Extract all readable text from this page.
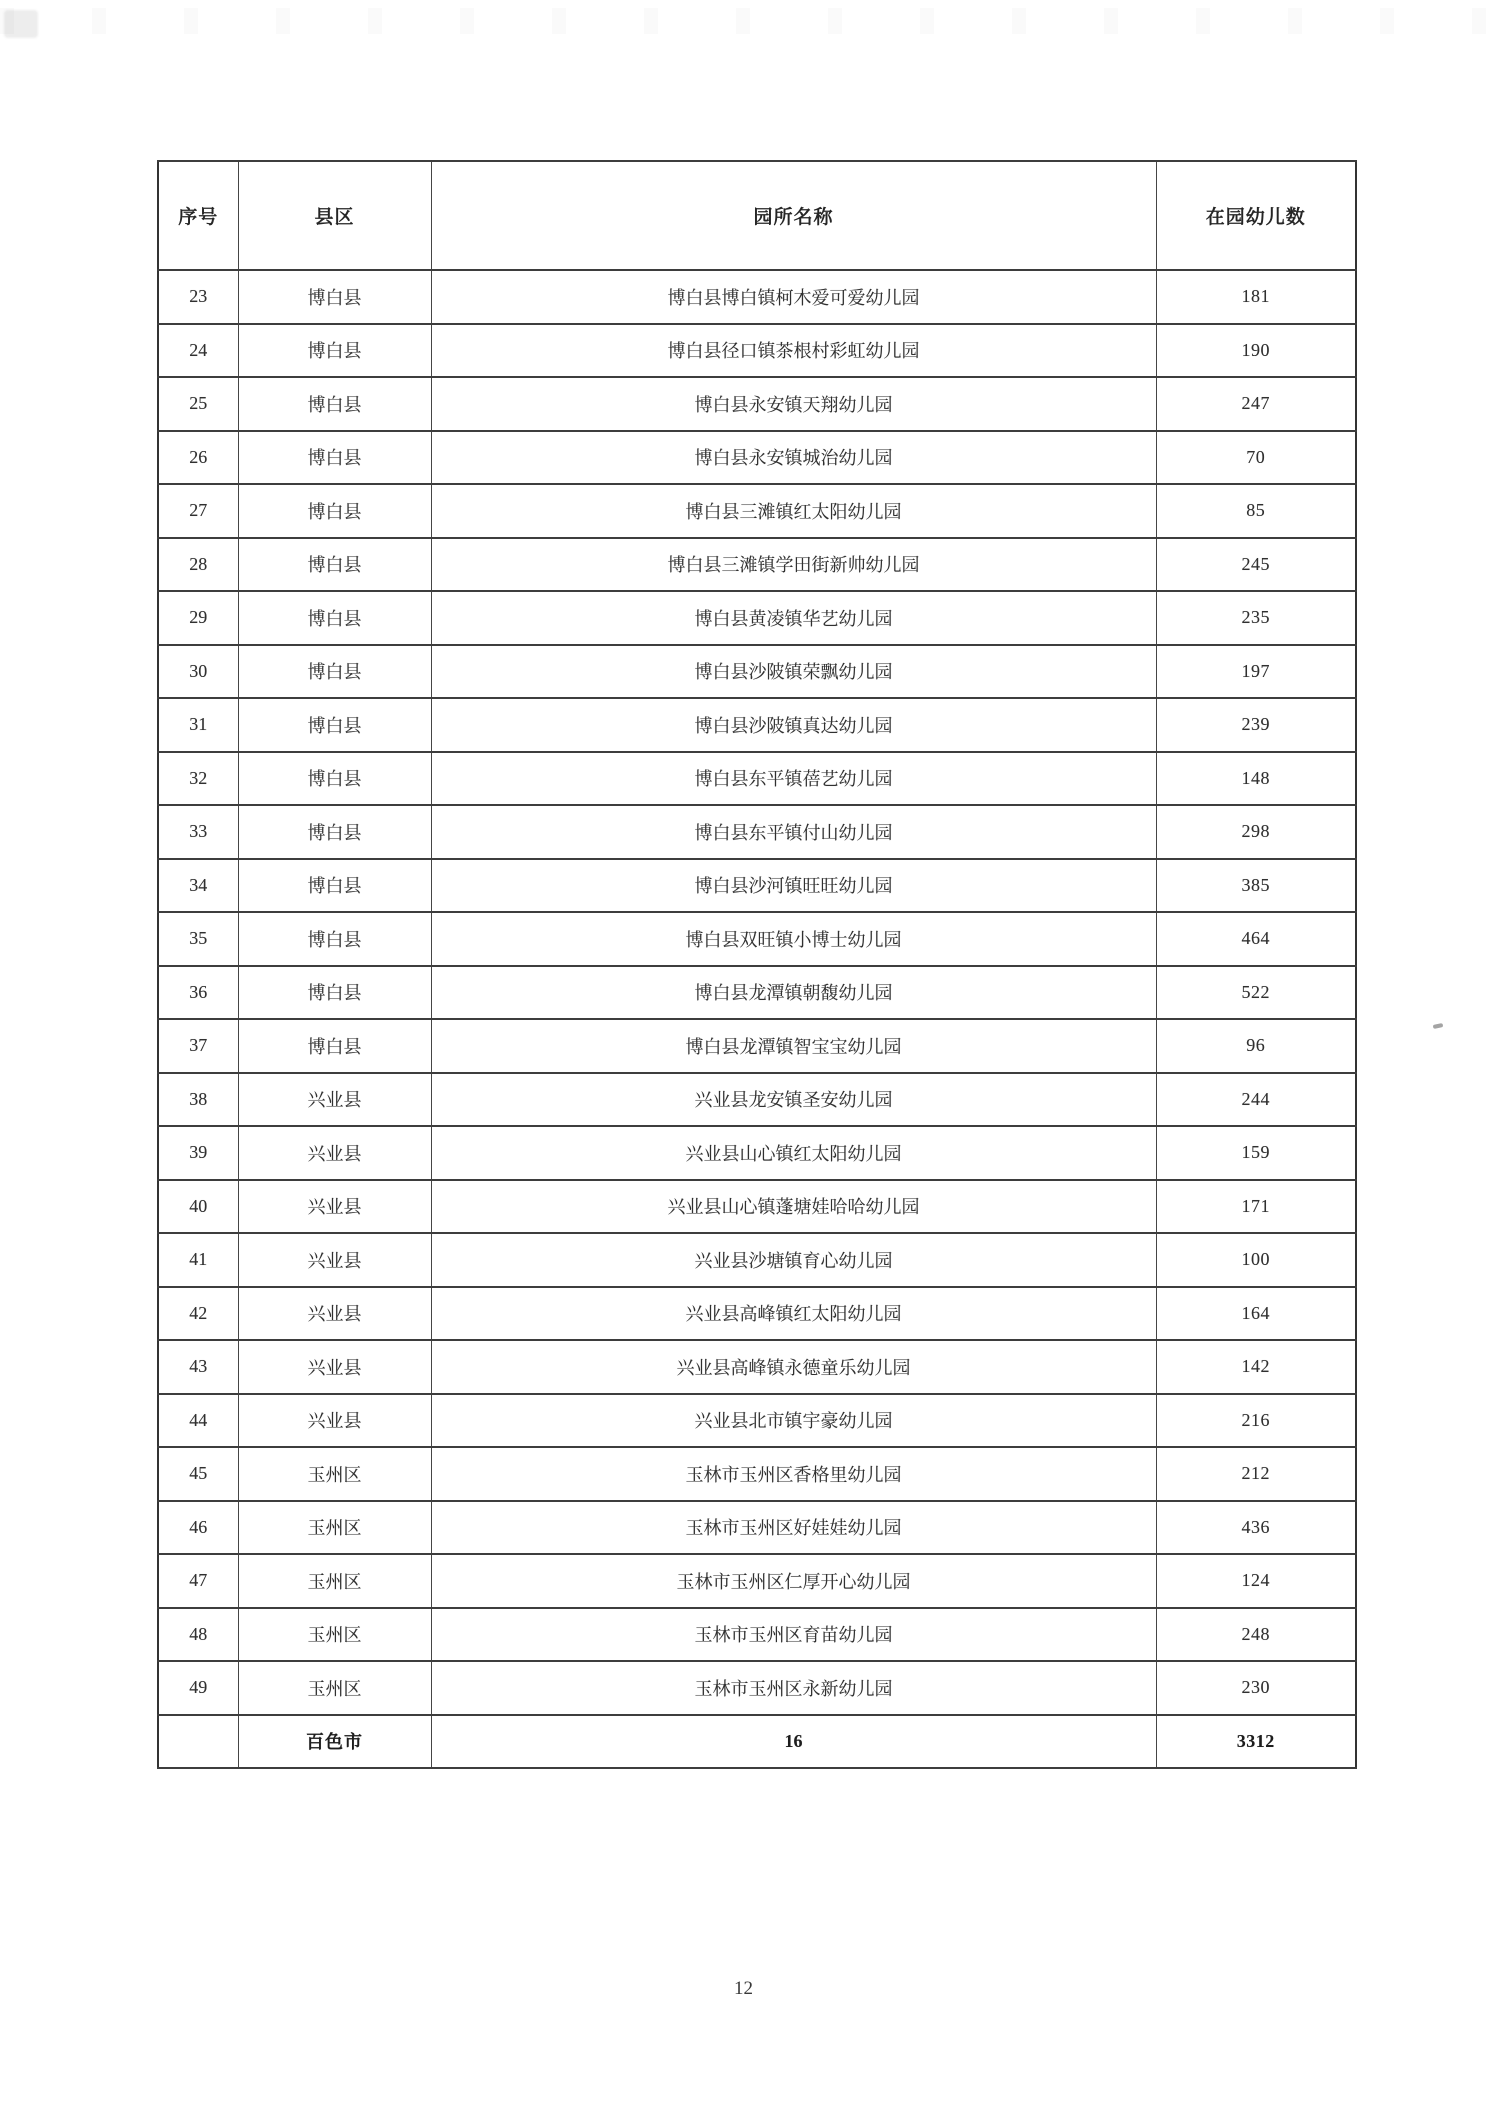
序号	县区	园所名称	在园幼儿数
23	博白县	博白县博白镇柯木爱可爱幼儿园	181
24	博白县	博白县径口镇茶根村彩虹幼儿园	190
25	博白县	博白县永安镇天翔幼儿园	247
26	博白县	博白县永安镇城治幼儿园	70
27	博白县	博白县三滩镇红太阳幼儿园	85
28	博白县	博白县三滩镇学田街新帅幼儿园	245
29	博白县	博白县黄凌镇华艺幼儿园	235
30	博白县	博白县沙陂镇荣飘幼儿园	197
31	博白县	博白县沙陂镇真达幼儿园	239
32	博白县	博白县东平镇蓓艺幼儿园	148
33	博白县	博白县东平镇付山幼儿园	298
34	博白县	博白县沙河镇旺旺幼儿园	385
35	博白县	博白县双旺镇小博士幼儿园	464
36	博白县	博白县龙潭镇朝馥幼儿园	522
37	博白县	博白县龙潭镇智宝宝幼儿园	96
38	兴业县	兴业县龙安镇圣安幼儿园	244
39	兴业县	兴业县山心镇红太阳幼儿园	159
40	兴业县	兴业县山心镇蓬塘娃哈哈幼儿园	171
41	兴业县	兴业县沙塘镇育心幼儿园	100
42	兴业县	兴业县高峰镇红太阳幼儿园	164
43	兴业县	兴业县高峰镇永德童乐幼儿园	142
44	兴业县	兴业县北市镇宇豪幼儿园	216
45	玉州区	玉林市玉州区香格里幼儿园	212
46	玉州区	玉林市玉州区好娃娃幼儿园	436
47	玉州区	玉林市玉州区仁厚开心幼儿园	124
48	玉州区	玉林市玉州区育苗幼儿园	248
49	玉州区	玉林市玉州区永新幼儿园	230
	百色市	16	3312
12
